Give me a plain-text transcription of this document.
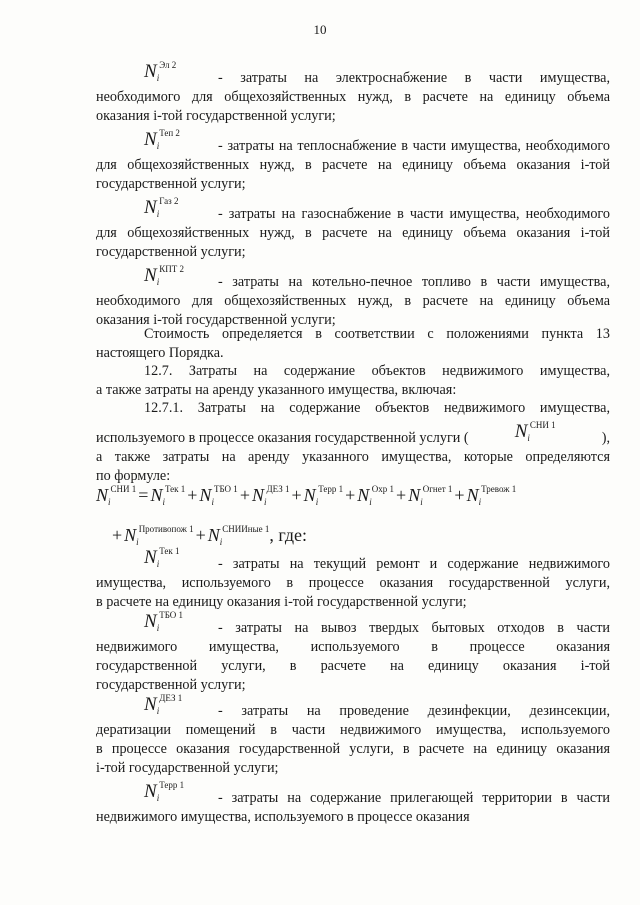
10
$N_i^{Эл 2}$
- затраты на электроснабжение в части имущества,
необходимого для общехозяйственных нужд, в расчете на единицу объема
оказания i-той государственной услуги;
$N_i^{Теп 2}$
- затраты на теплоснабжение в части имущества, необходимого
для общехозяйственных нужд, в расчете на единицу объема оказания i-той
государственной услуги;
$N_i^{Газ 2}$
- затраты на газоснабжение в части имущества, необходимого
для общехозяйственных нужд, в расчете на единицу объема оказания i-той
государственной услуги;
$N_i^{КПТ 2}$
- затраты на котельно-печное топливо в части имущества,
необходимого для общехозяйственных нужд, в расчете на единицу объема
оказания i-той государственной услуги;
Стоимость определяется в соответствии с положениями пункта 13
настоящего Порядка.
12.7. Затраты на содержание объектов недвижимого имущества,
а также затраты на аренду указанного имущества, включая:
12.7.1. Затраты на содержание объектов недвижимого имущества,
используемого в процессе оказания государственной услуги ( $N_i^{СНИ 1}$
),
а также затраты на аренду указанного имущества, которые определяются
по формуле:
$N_i^{СНИ 1} = N_i^{Тек 1} + N_i^{ТБО 1} + N_i^{ДЕЗ 1} + N_i^{Терр 1} + N_i^{Охр 1} + N_i^{Огнет 1} + N_i^{Тревож 1}$
+ $N_i^{Противопож 1} + N_i^{СНИИные 1}$, где:
$N_i^{Тек 1}$
- затраты на текущий ремонт и содержание недвижимого
имущества, используемого в процессе оказания государственной услуги,
в расчете на единицу оказания i-той государственной услуги;
$N_i^{ТБО 1}$
- затраты на вывоз твердых бытовых отходов в части
недвижимого имущества, используемого в процессе оказания
государственной услуги, в расчете на единицу оказания i-той
государственной услуги;
$N_i^{ДЕЗ 1}$
- затраты на проведение дезинфекции, дезинсекции,
дератизации помещений в части недвижимого имущества, используемого
в процессе оказания государственной услуги, в расчете на единицу оказания
i-той государственной услуги;
$N_i^{Терр 1}$
- затраты на содержание прилегающей территории в части
недвижимого имущества, используемого в процессе оказания
